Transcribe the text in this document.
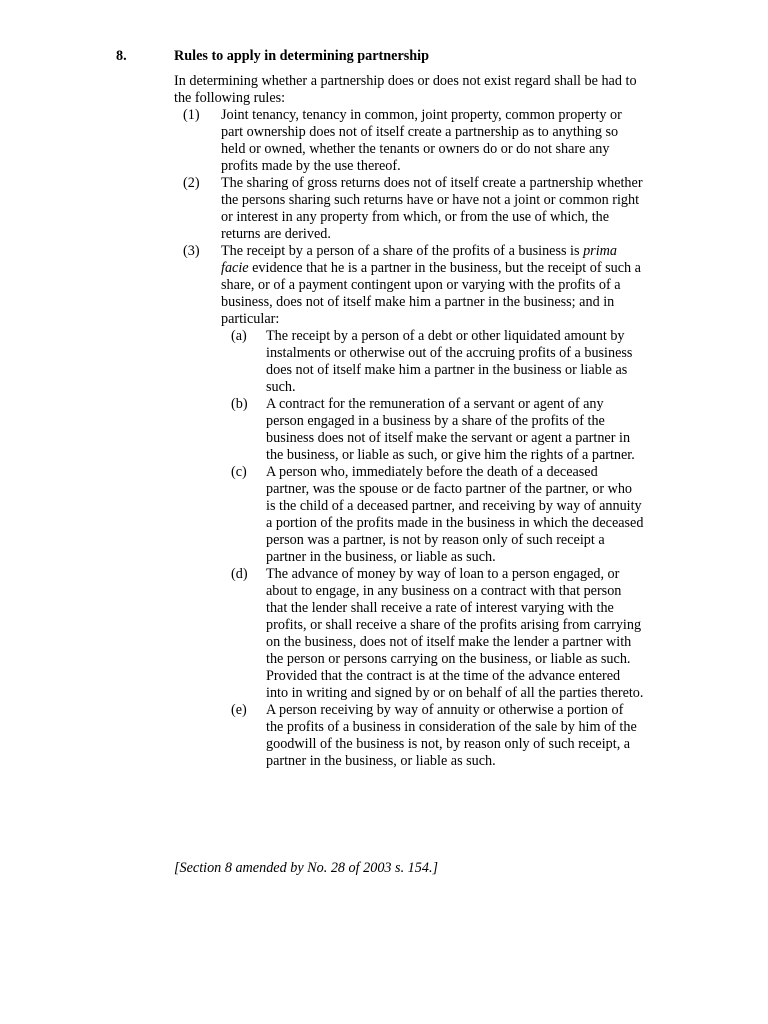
8.	Rules to apply in determining partnership

In determining whether a partnership does or does not exist regard shall be had to the following rules:

(1) Joint tenancy, tenancy in common, joint property, common property or part ownership does not of itself create a partnership as to anything so held or owned, whether the tenants or owners do or do not share any profits made by the use thereof.
(2) The sharing of gross returns does not of itself create a partnership whether the persons sharing such returns have or have not a joint or common right or interest in any property from which, or from the use of which, the returns are derived.
(3) The receipt by a person of a share of the profits of a business is prima facie evidence that he is a partner in the business, but the receipt of such a share, or of a payment contingent upon or varying with the profits of a business, does not of itself make him a partner in the business; and in particular:
(a) The receipt by a person of a debt or other liquidated amount by instalments or otherwise out of the accruing profits of a business does not of itself make him a partner in the business or liable as such.
(b) A contract for the remuneration of a servant or agent of any person engaged in a business by a share of the profits of the business does not of itself make the servant or agent a partner in the business, or liable as such, or give him the rights of a partner.
(c) A person who, immediately before the death of a deceased partner, was the spouse or de facto partner of the partner, or who is the child of a deceased partner, and receiving by way of annuity a portion of the profits made in the business in which the deceased person was a partner, is not by reason only of such receipt a partner in the business, or liable as such.
(d) The advance of money by way of loan to a person engaged, or about to engage, in any business on a contract with that person that the lender shall receive a rate of interest varying with the profits, or shall receive a share of the profits arising from carrying on the business, does not of itself make the lender a partner with the person or persons carrying on the business, or liable as such. Provided that the contract is at the time of the advance entered into in writing and signed by or on behalf of all the parties thereto.
(e) A person receiving by way of annuity or otherwise a portion of the profits of a business in consideration of the sale by him of the goodwill of the business is not, by reason only of such receipt, a partner in the business, or liable as such.
[Section 8 amended by No. 28 of 2003 s. 154.]
